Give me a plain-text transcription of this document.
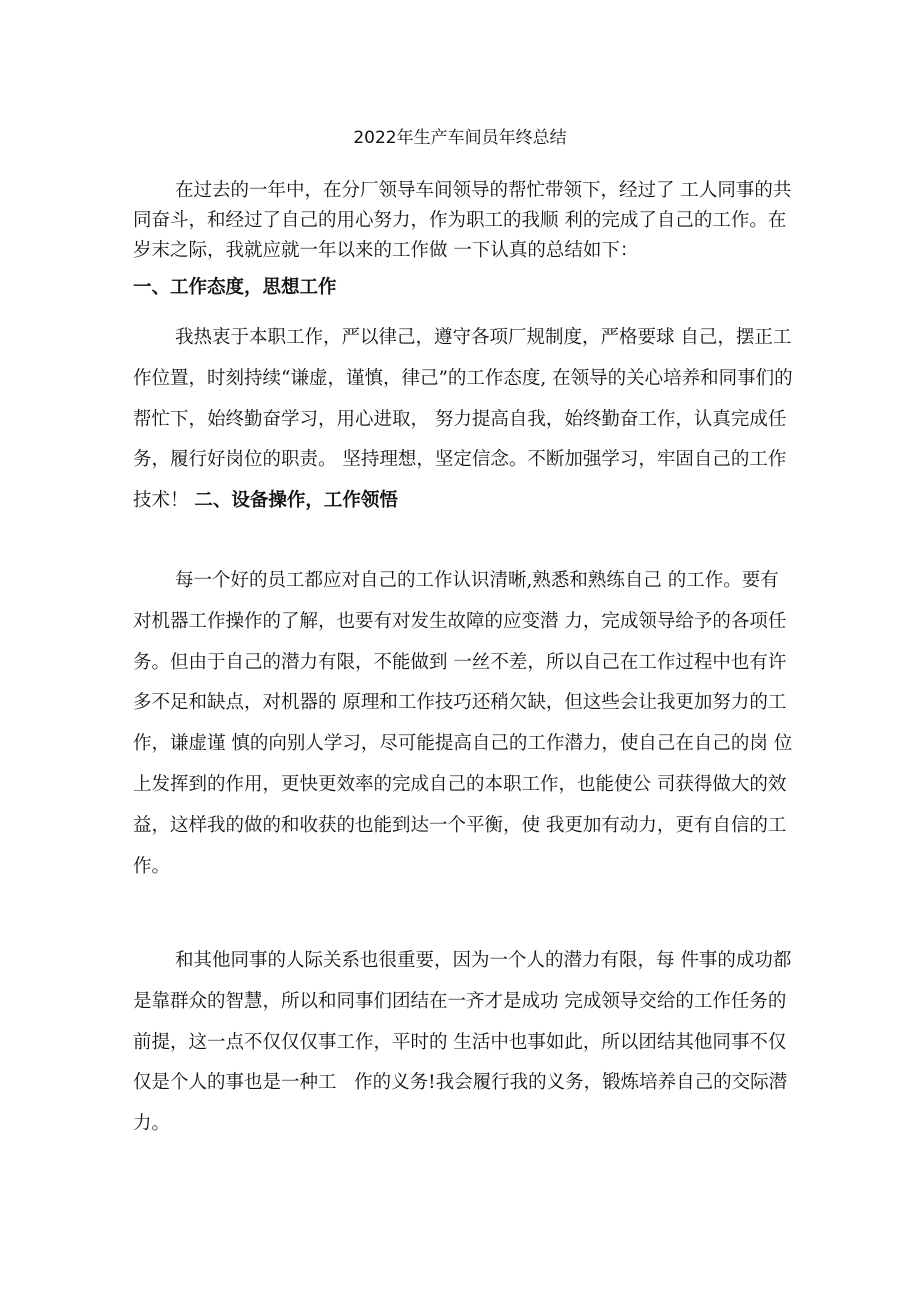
2022年生产车间员年终总结

在过去的一年中，在分厂领导车间领导的帮忙带领下，经过了 工人同事的共同奋斗，和经过了自己的用心努力，作为职工的我顺 利的完成了自己的工作。在岁末之际，我就应就一年以来的工作做 一下认真的总结如下：

一、工作态度，思想工作

我热衷于本职工作，严以律己，遵守各项厂规制度，严格要球 自己，摆正工作位置，时刻持续“谦虚，谨慎，律己”的工作态度, 在领导的关心培养和同事们的帮忙下，始终勤奋学习，用心进取， 努力提高自我，始终勤奋工作，认真完成任务，履行好岗位的职责。 坚持理想，坚定信念。不断加强学习，牢固自己的工作技术！ 二、设备操作，工作领悟

每一个好的员工都应对自己的工作认识清晰,熟悉和熟练自己 的工作。要有对机器工作操作的了解，也要有对发生故障的应变潜 力，完成领导给予的各项任务。但由于自己的潜力有限，不能做到 一丝不差，所以自己在工作过程中也有许多不足和缺点，对机器的 原理和工作技巧还稍欠缺，但这些会让我更加努力的工作，谦虚谨 慎的向别人学习，尽可能提高自己的工作潜力，使自己在自己的岗 位上发挥到的作用，更快更效率的完成自己的本职工作，也能使公 司获得做大的效益，这样我的做的和收获的也能到达一个平衡，使 我更加有动力，更有自信的工作。

和其他同事的人际关系也很重要，因为一个人的潜力有限，每 件事的成功都是靠群众的智慧，所以和同事们团结在一齐才是成功 完成领导交给的工作任务的前提，这一点不仅仅仅事工作，平时的 生活中也事如此，所以团结其他同事不仅仅是个人的事也是一种工   作的义务!我会履行我的义务，锻炼培养自己的交际潜力。
